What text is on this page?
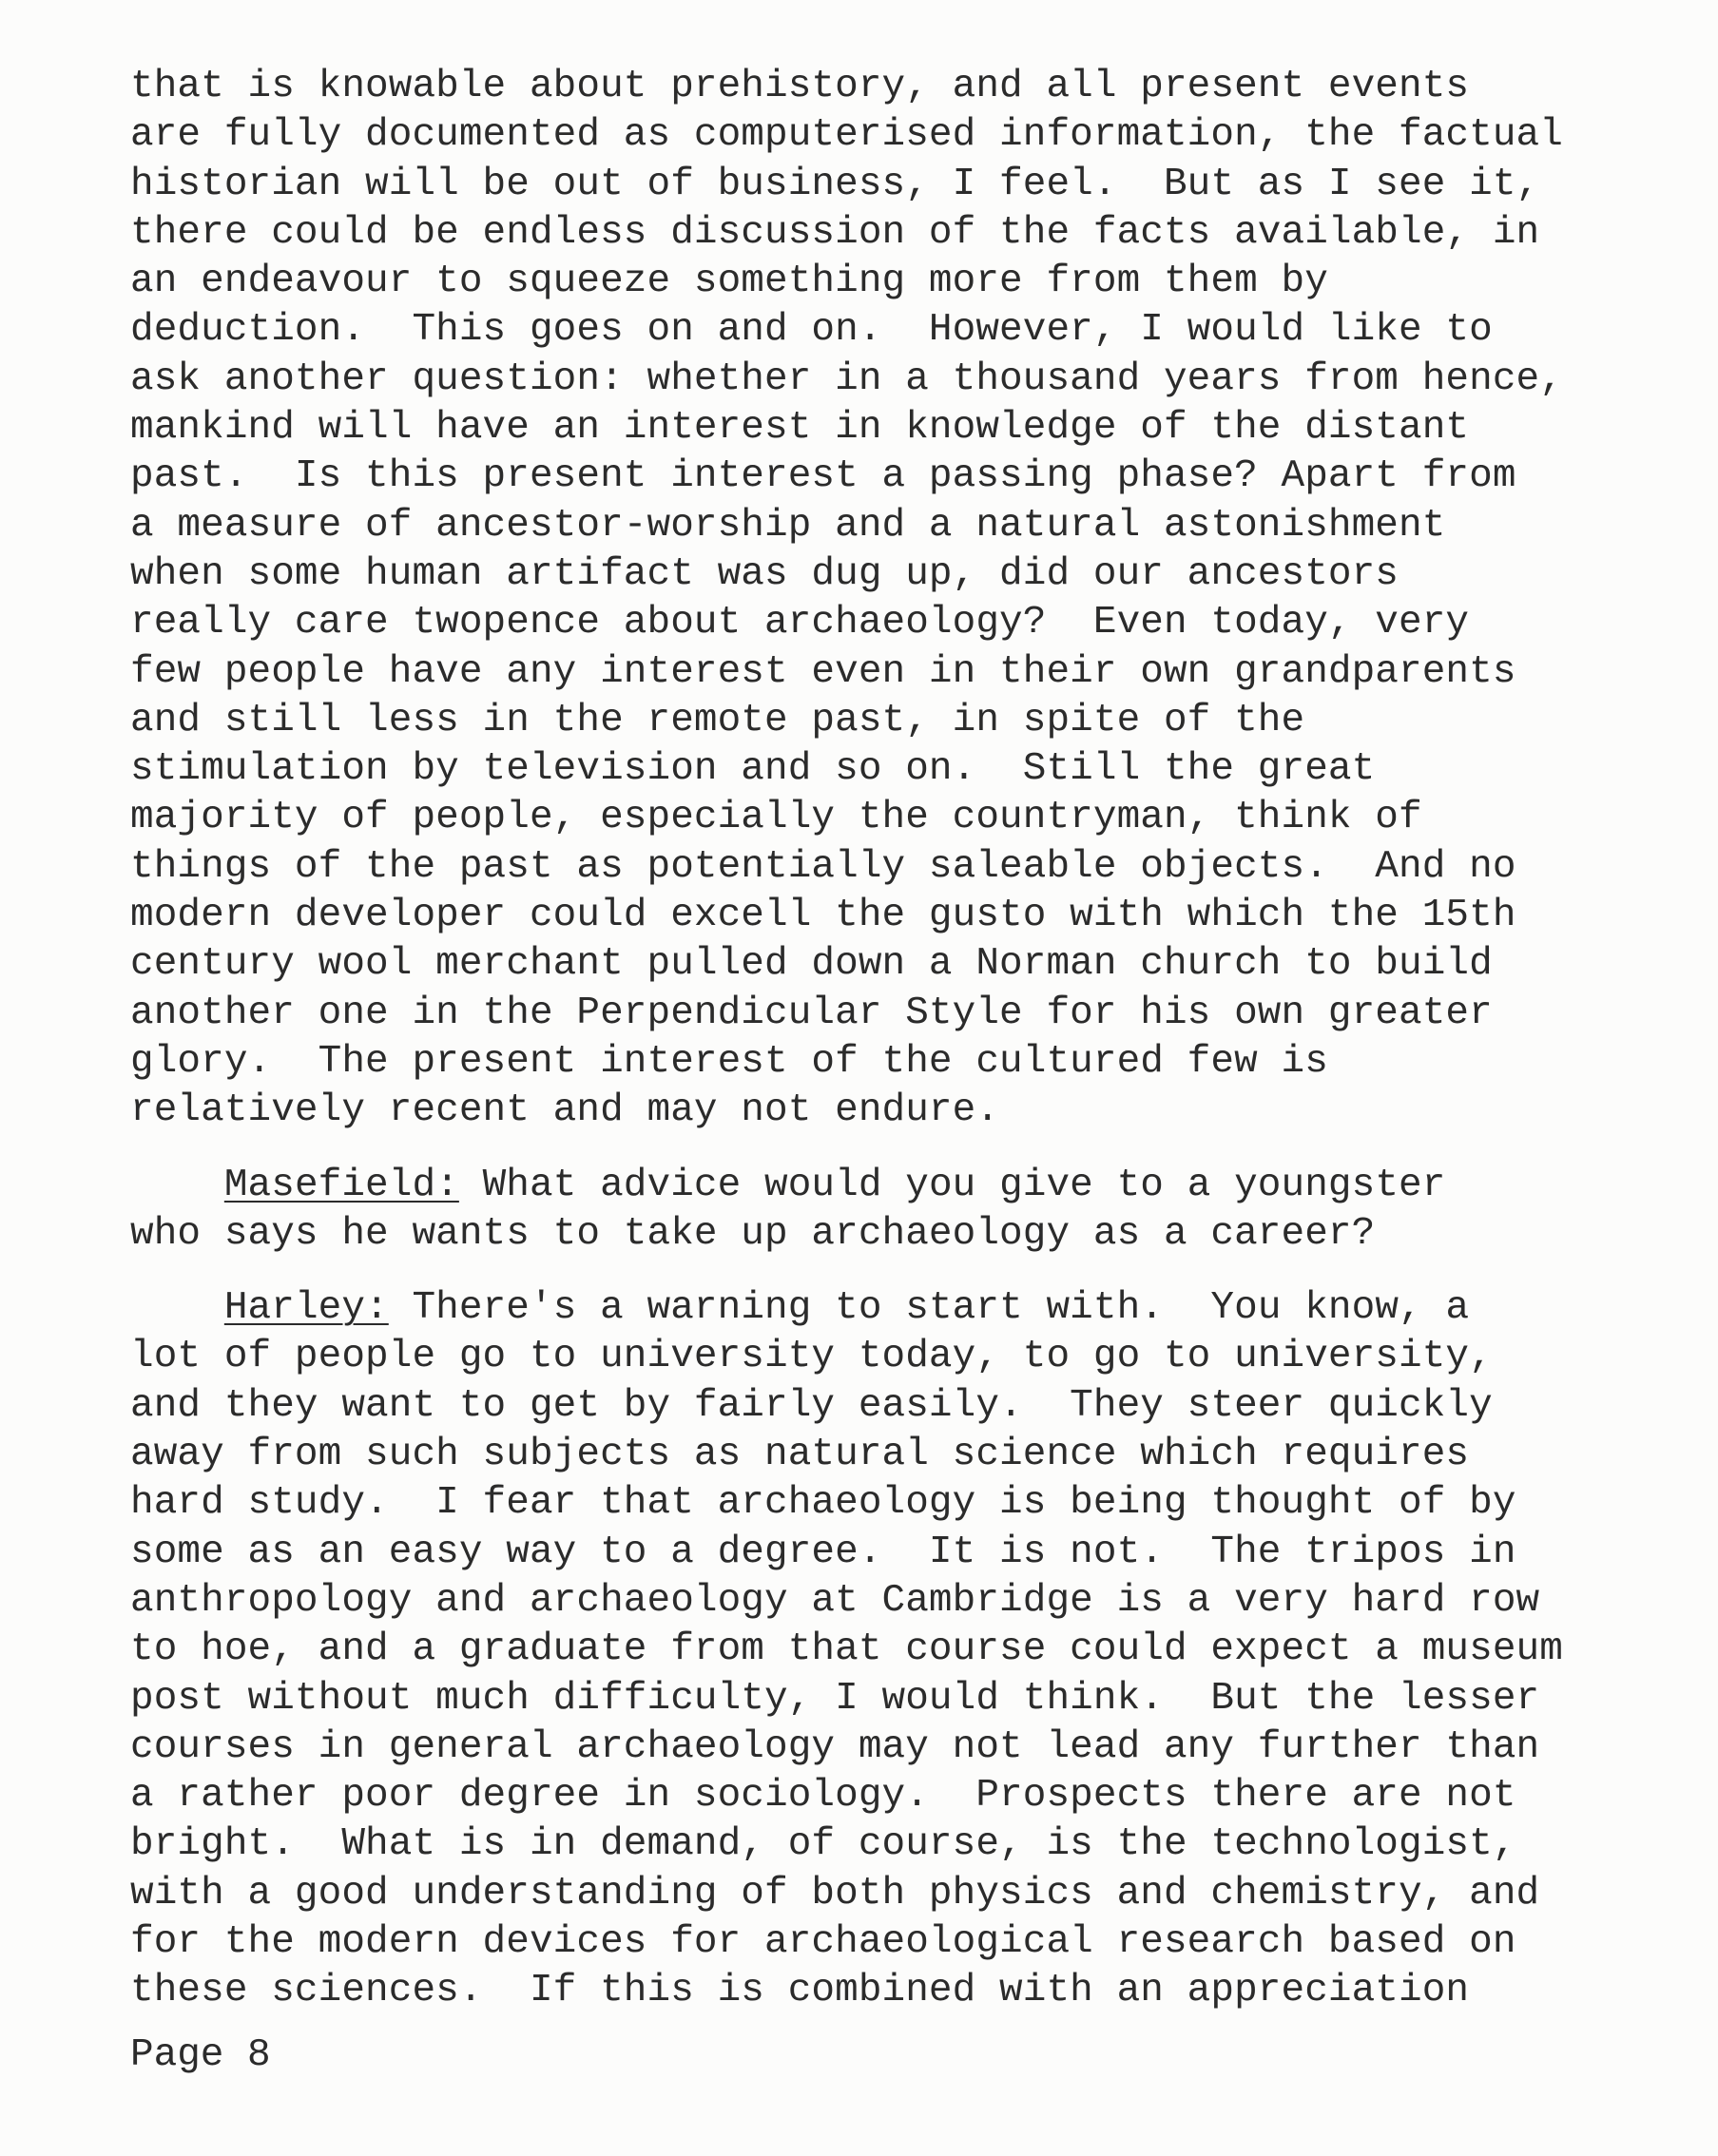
that is knowable about prehistory, and all present events
are fully documented as computerised information, the factual
historian will be out of business, I feel.  But as I see it,
there could be endless discussion of the facts available, in
an endeavour to squeeze something more from them by
deduction.  This goes on and on.  However, I would like to
ask another question: whether in a thousand years from hence,
mankind will have an interest in knowledge of the distant
past.  Is this present interest a passing phase? Apart from
a measure of ancestor-worship and a natural astonishment
when some human artifact was dug up, did our ancestors
really care twopence about archaeology?  Even today, very
few people have any interest even in their own grandparents
and still less in the remote past, in spite of the
stimulation by television and so on.  Still the great
majority of people, especially the countryman, think of
things of the past as potentially saleable objects.  And no
modern developer could excell the gusto with which the 15th
century wool merchant pulled down a Norman church to build
another one in the Perpendicular Style for his own greater
glory.  The present interest of the cultured few is
relatively recent and may not endure.
Masefield: What advice would you give to a youngster
who says he wants to take up archaeology as a career?
Harley: There's a warning to start with.  You know, a
lot of people go to university today, to go to university,
and they want to get by fairly easily.  They steer quickly
away from such subjects as natural science which requires
hard study.  I fear that archaeology is being thought of by
some as an easy way to a degree.  It is not.  The tripos in
anthropology and archaeology at Cambridge is a very hard row
to hoe, and a graduate from that course could expect a museum
post without much difficulty, I would think.  But the lesser
courses in general archaeology may not lead any further than
a rather poor degree in sociology.  Prospects there are not
bright.  What is in demand, of course, is the technologist,
with a good understanding of both physics and chemistry, and
for the modern devices for archaeological research based on
these sciences.  If this is combined with an appreciation
Page 8
